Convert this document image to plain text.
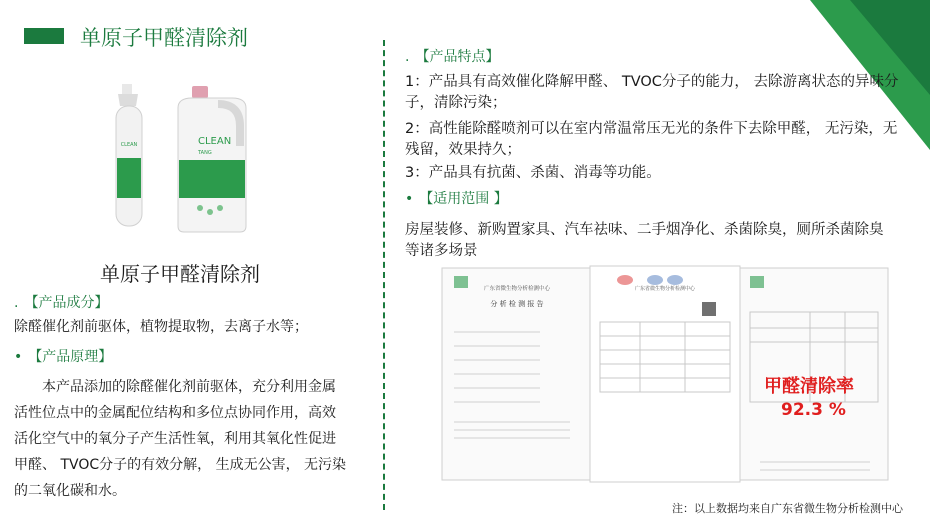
单原子甲醛清除剂
CLEAN	CLEAN
TANG
单原子甲醛清除剂
. 【产品成分】
除醛催化剂前驱体，植物提取物，去离子水等；
• 【产品原理】
本产品添加的除醛催化剂前驱体，充分利用金属
活性位点中的金属配位结构和多位点协同作用，高效
活化空气中的氧分子产生活性氧，利用其氧化性促进
甲醛、 TVOC分子的有效分解， 生成无公害， 无污染
的二氧化碳和水。
. 【产品特点】
1：产品具有高效催化降解甲醛、 TVOC分子的能力， 去除游离状态的异味分子，清除污染；
2：高性能除醛喷剂可以在室内常温常压无光的条件下去除甲醛， 无污染，无残留，效果持久；
3：产品具有抗菌、杀菌、消毒等功能。
• 【适用范围 】
房屋装修、新购置家具、汽车祛味、二手烟净化、杀菌除臭，厕所杀菌除臭等诸多场景
广东省微生物分析检测中心
分 析 检 测 报 告
广东省微生物分析检测中心
甲醛清除率
92.3 %
注：以上数据均来自广东省微生物分析检测中心
